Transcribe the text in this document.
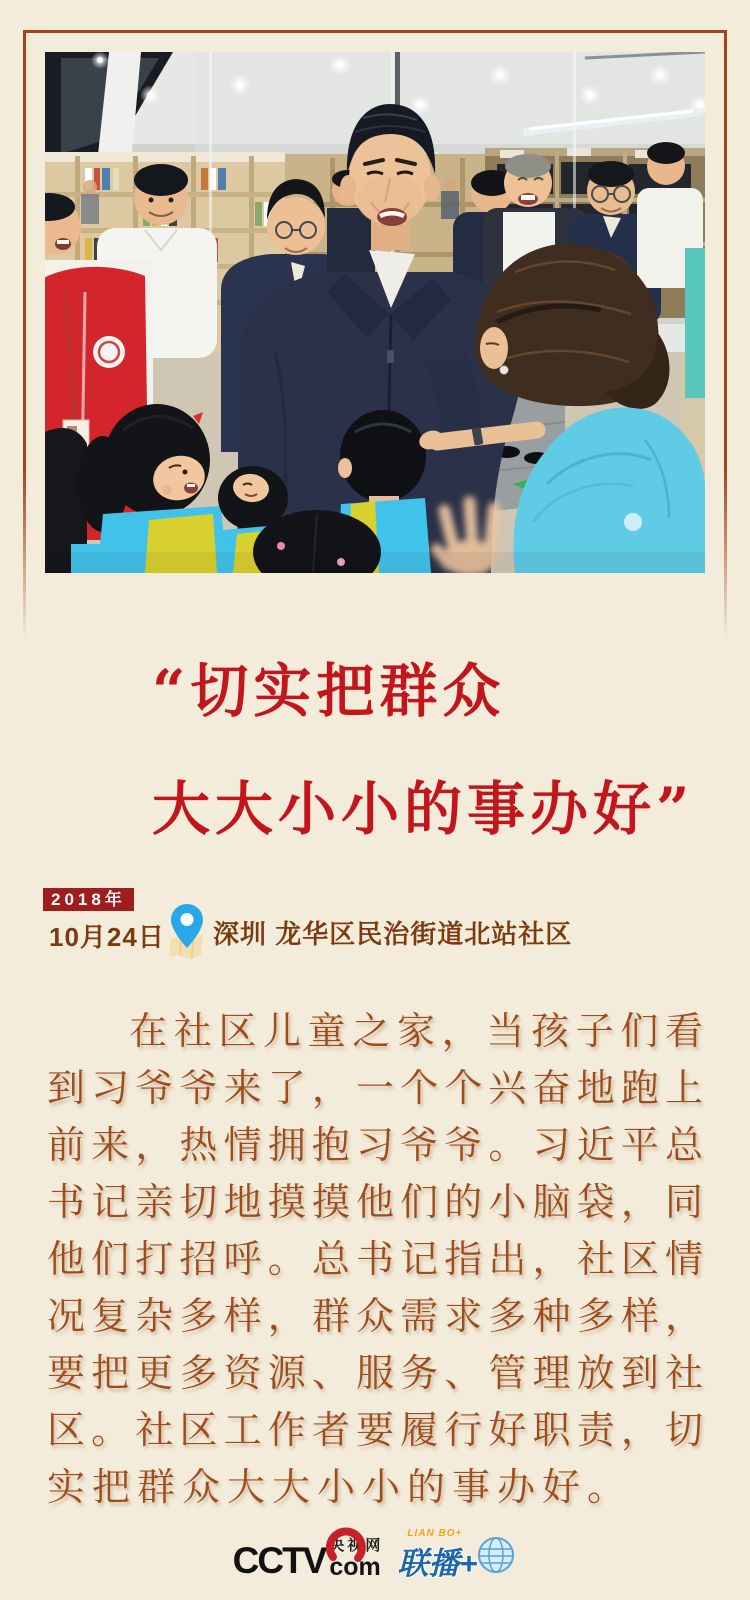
“切实把群众
大大小小的事办好”
2018年
10月24日	深圳 龙华区民治街道北站社区
在社区儿童之家，当孩子们看
到习爷爷来了，一个个兴奋地跑上
前来，热情拥抱习爷爷。习近平总
书记亲切地摸摸他们的小脑袋，同
他们打招呼。总书记指出，社区情
况复杂多样，群众需求多种多样，
要把更多资源、服务、管理放到社
区。社区工作者要履行好职责，切
实把群众大大小小的事办好。
CCTV 央视网
com
LIAN BO+
联播+
